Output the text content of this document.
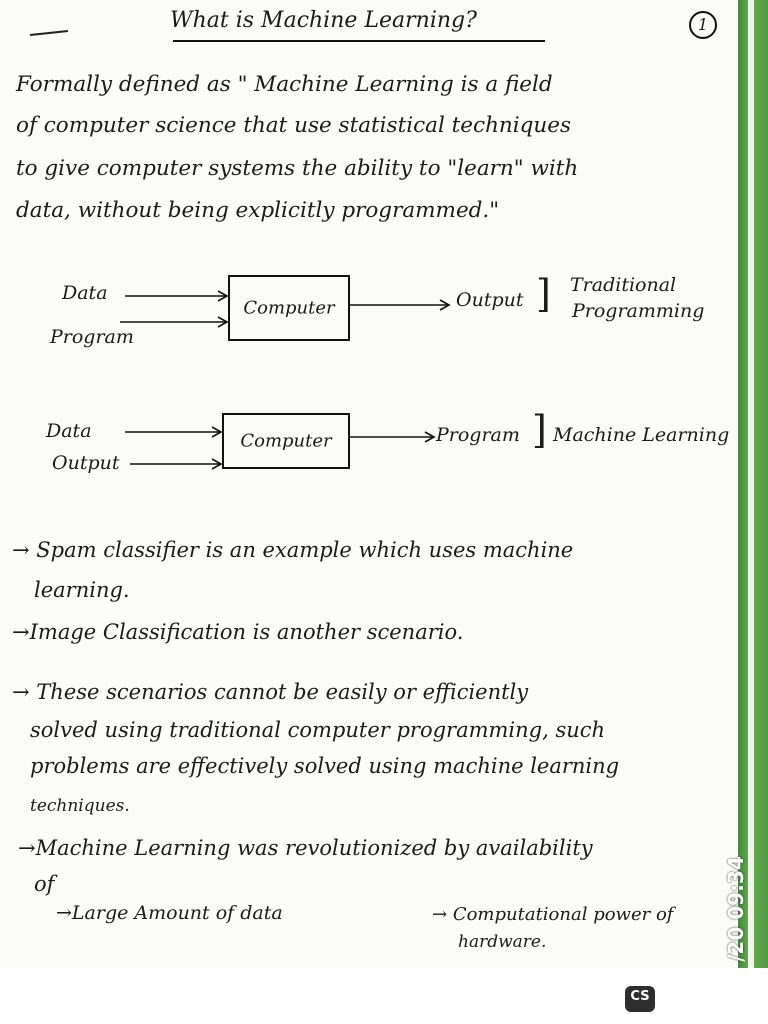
What is Machine Learning?	1
Formally defined as " Machine Learning is a field
of computer science that use statistical techniques
to give computer systems the ability to "learn" with
data, without being explicitly programmed."
Data
Program
Computer	Output ] Traditional
Programming
Data
Output
Computer	Program ] Machine Learning
→ Spam classifier is an example which uses machine
learning.
→Image Classification is another scenario.
→ These scenarios cannot be easily or efficiently
solved using traditional computer programming, such
problems are effectively solved using machine learning
techniques.
→Machine Learning was revolutionized by availability
of
→Large Amount of data	→ Computational power of
hardware.	/20 09:34
CS
